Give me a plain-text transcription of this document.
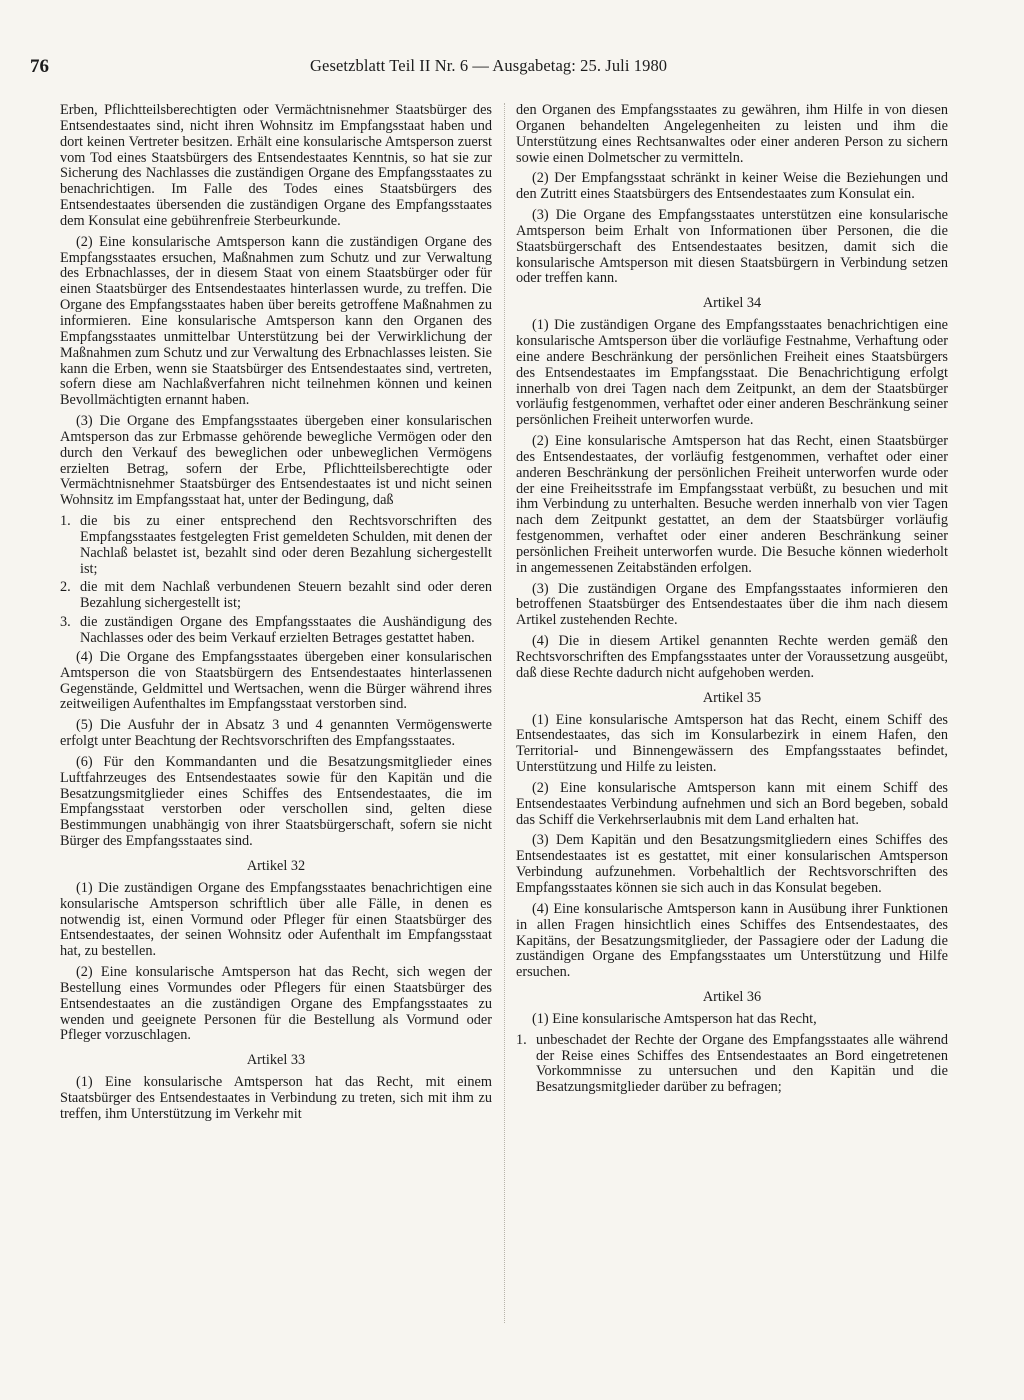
76	Gesetzblatt Teil II Nr. 6 — Ausgabetag: 25. Juli 1980

Erben, Pflichtteilsberechtigten oder Vermächtnisnehmer Staatsbürger des Entsendestaates sind, nicht ihren Wohnsitz im Empfangsstaat haben und dort keinen Vertreter besitzen. Erhält eine konsularische Amtsperson zuerst vom Tod eines Staatsbürgers des Entsendestaates Kenntnis, so hat sie zur Sicherung des Nachlasses die zuständigen Organe des Empfangsstaates zu benachrichtigen. Im Falle des Todes eines Staatsbürgers des Entsendestaates übersenden die zuständigen Organe des Empfangsstaates dem Konsulat eine gebührenfreie Sterbeurkunde.

(2) Eine konsularische Amtsperson kann die zuständigen Organe des Empfangsstaates ersuchen, Maßnahmen zum Schutz und zur Verwaltung des Erbnachlasses, der in diesem Staat von einem Staatsbürger oder für einen Staatsbürger des Entsendestaates hinterlassen wurde, zu treffen. Die Organe des Empfangsstaates haben über bereits getroffene Maßnahmen zu informieren. Eine konsularische Amtsperson kann den Organen des Empfangsstaates unmittelbar Unterstützung bei der Verwirklichung der Maßnahmen zum Schutz und zur Verwaltung des Erbnachlasses leisten. Sie kann die Erben, wenn sie Staatsbürger des Entsendestaates sind, vertreten, sofern diese am Nachlaßverfahren nicht teilnehmen können und keinen Bevollmächtigten ernannt haben.

(3) Die Organe des Empfangsstaates übergeben einer konsularischen Amtsperson das zur Erbmasse gehörende bewegliche Vermögen oder den durch den Verkauf des beweglichen oder unbeweglichen Vermögens erzielten Betrag, sofern der Erbe, Pflichtteilsberechtigte oder Vermächtnisnehmer Staatsbürger des Entsendestaates ist und nicht seinen Wohnsitz im Empfangsstaat hat, unter der Bedingung, daß

1. die bis zu einer entsprechend den Rechtsvorschriften des Empfangsstaates festgelegten Frist gemeldeten Schulden, mit denen der Nachlaß belastet ist, bezahlt sind oder deren Bezahlung sichergestellt ist;
2. die mit dem Nachlaß verbundenen Steuern bezahlt sind oder deren Bezahlung sichergestellt ist;
3. die zuständigen Organe des Empfangsstaates die Aushändigung des Nachlasses oder des beim Verkauf erzielten Betrages gestattet haben.

(4) Die Organe des Empfangsstaates übergeben einer konsularischen Amtsperson die von Staatsbürgern des Entsendestaates hinterlassenen Gegenstände, Geldmittel und Wertsachen, wenn die Bürger während ihres zeitweiligen Aufenthaltes im Empfangsstaat verstorben sind.

(5) Die Ausfuhr der in Absatz 3 und 4 genannten Vermögenswerte erfolgt unter Beachtung der Rechtsvorschriften des Empfangsstaates.

(6) Für den Kommandanten und die Besatzungsmitglieder eines Luftfahrzeuges des Entsendestaates sowie für den Kapitän und die Besatzungsmitglieder eines Schiffes des Entsendestaates, die im Empfangsstaat verstorben oder verschollen sind, gelten diese Bestimmungen unabhängig von ihrer Staatsbürgerschaft, sofern sie nicht Bürger des Empfangsstaates sind.

Artikel 32

(1) Die zuständigen Organe des Empfangsstaates benachrichtigen eine konsularische Amtsperson schriftlich über alle Fälle, in denen es notwendig ist, einen Vormund oder Pfleger für einen Staatsbürger des Entsendestaates, der seinen Wohnsitz oder Aufenthalt im Empfangsstaat hat, zu bestellen.

(2) Eine konsularische Amtsperson hat das Recht, sich wegen der Bestellung eines Vormundes oder Pflegers für einen Staatsbürger des Entsendestaates an die zuständigen Organe des Empfangsstaates zu wenden und geeignete Personen für die Bestellung als Vormund oder Pfleger vorzuschlagen.

Artikel 33

(1) Eine konsularische Amtsperson hat das Recht, mit einem Staatsbürger des Entsendestaates in Verbindung zu treten, sich mit ihm zu treffen, ihm Unterstützung im Verkehr mit

den Organen des Empfangsstaates zu gewähren, ihm Hilfe in von diesen Organen behandelten Angelegenheiten zu leisten und ihm die Unterstützung eines Rechtsanwaltes oder einer anderen Person zu sichern sowie einen Dolmetscher zu vermitteln.

(2) Der Empfangsstaat schränkt in keiner Weise die Beziehungen und den Zutritt eines Staatsbürgers des Entsendestaates zum Konsulat ein.

(3) Die Organe des Empfangsstaates unterstützen eine konsularische Amtsperson beim Erhalt von Informationen über Personen, die die Staatsbürgerschaft des Entsendestaates besitzen, damit sich die konsularische Amtsperson mit diesen Staatsbürgern in Verbindung setzen oder treffen kann.

Artikel 34

(1) Die zuständigen Organe des Empfangsstaates benachrichtigen eine konsularische Amtsperson über die vorläufige Festnahme, Verhaftung oder eine andere Beschränkung der persönlichen Freiheit eines Staatsbürgers des Entsendestaates im Empfangsstaat. Die Benachrichtigung erfolgt innerhalb von drei Tagen nach dem Zeitpunkt, an dem der Staatsbürger vorläufig festgenommen, verhaftet oder einer anderen Beschränkung seiner persönlichen Freiheit unterworfen wurde.

(2) Eine konsularische Amtsperson hat das Recht, einen Staatsbürger des Entsendestaates, der vorläufig festgenommen, verhaftet oder einer anderen Beschränkung der persönlichen Freiheit unterworfen wurde oder der eine Freiheitsstrafe im Empfangsstaat verbüßt, zu besuchen und mit ihm Verbindung zu unterhalten. Besuche werden innerhalb von vier Tagen nach dem Zeitpunkt gestattet, an dem der Staatsbürger vorläufig festgenommen, verhaftet oder einer anderen Beschränkung seiner persönlichen Freiheit unterworfen wurde. Die Besuche können wiederholt in angemessenen Zeitabständen erfolgen.

(3) Die zuständigen Organe des Empfangsstaates informieren den betroffenen Staatsbürger des Entsendestaates über die ihm nach diesem Artikel zustehenden Rechte.

(4) Die in diesem Artikel genannten Rechte werden gemäß den Rechtsvorschriften des Empfangsstaates unter der Voraussetzung ausgeübt, daß diese Rechte dadurch nicht aufgehoben werden.

Artikel 35

(1) Eine konsularische Amtsperson hat das Recht, einem Schiff des Entsendestaates, das sich im Konsularbezirk in einem Hafen, den Territorial- und Binnengewässern des Empfangsstaates befindet, Unterstützung und Hilfe zu leisten.

(2) Eine konsularische Amtsperson kann mit einem Schiff des Entsendestaates Verbindung aufnehmen und sich an Bord begeben, sobald das Schiff die Verkehrserlaubnis mit dem Land erhalten hat.

(3) Dem Kapitän und den Besatzungsmitgliedern eines Schiffes des Entsendestaates ist es gestattet, mit einer konsularischen Amtsperson Verbindung aufzunehmen. Vorbehaltlich der Rechtsvorschriften des Empfangsstaates können sie sich auch in das Konsulat begeben.

(4) Eine konsularische Amtsperson kann in Ausübung ihrer Funktionen in allen Fragen hinsichtlich eines Schiffes des Entsendestaates, des Kapitäns, der Besatzungsmitglieder, der Passagiere oder der Ladung die zuständigen Organe des Empfangsstaates um Unterstützung und Hilfe ersuchen.

Artikel 36

(1) Eine konsularische Amtsperson hat das Recht,

1. unbeschadet der Rechte der Organe des Empfangsstaates alle während der Reise eines Schiffes des Entsendestaates an Bord eingetretenen Vorkommnisse zu untersuchen und den Kapitän und die Besatzungsmitglieder darüber zu befragen;
